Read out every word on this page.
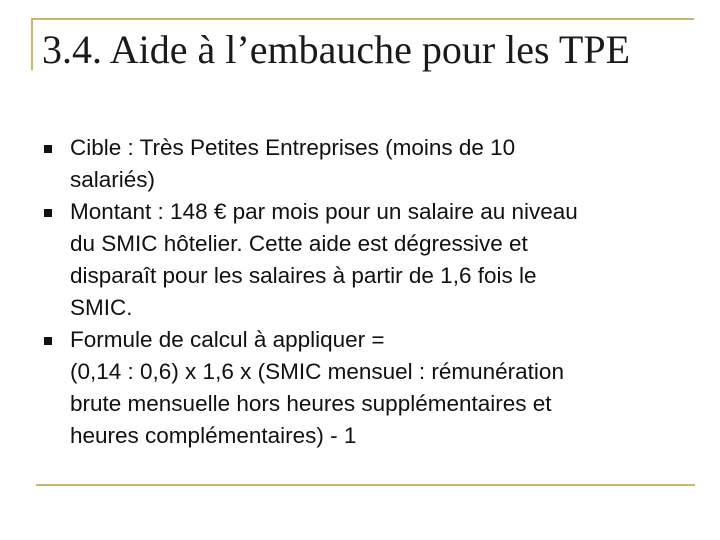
3.4. Aide à l’embauche pour les TPE
Cible : Très Petites Entreprises (moins de 10
salariés)
Montant : 148 € par mois pour un salaire au niveau
du SMIC hôtelier. Cette aide est dégressive et
disparaît pour les salaires à partir de 1,6 fois le
SMIC.
Formule de calcul à appliquer =
(0,14 : 0,6) x 1,6 x (SMIC mensuel : rémunération
brute mensuelle hors heures supplémentaires et
heures complémentaires) - 1
